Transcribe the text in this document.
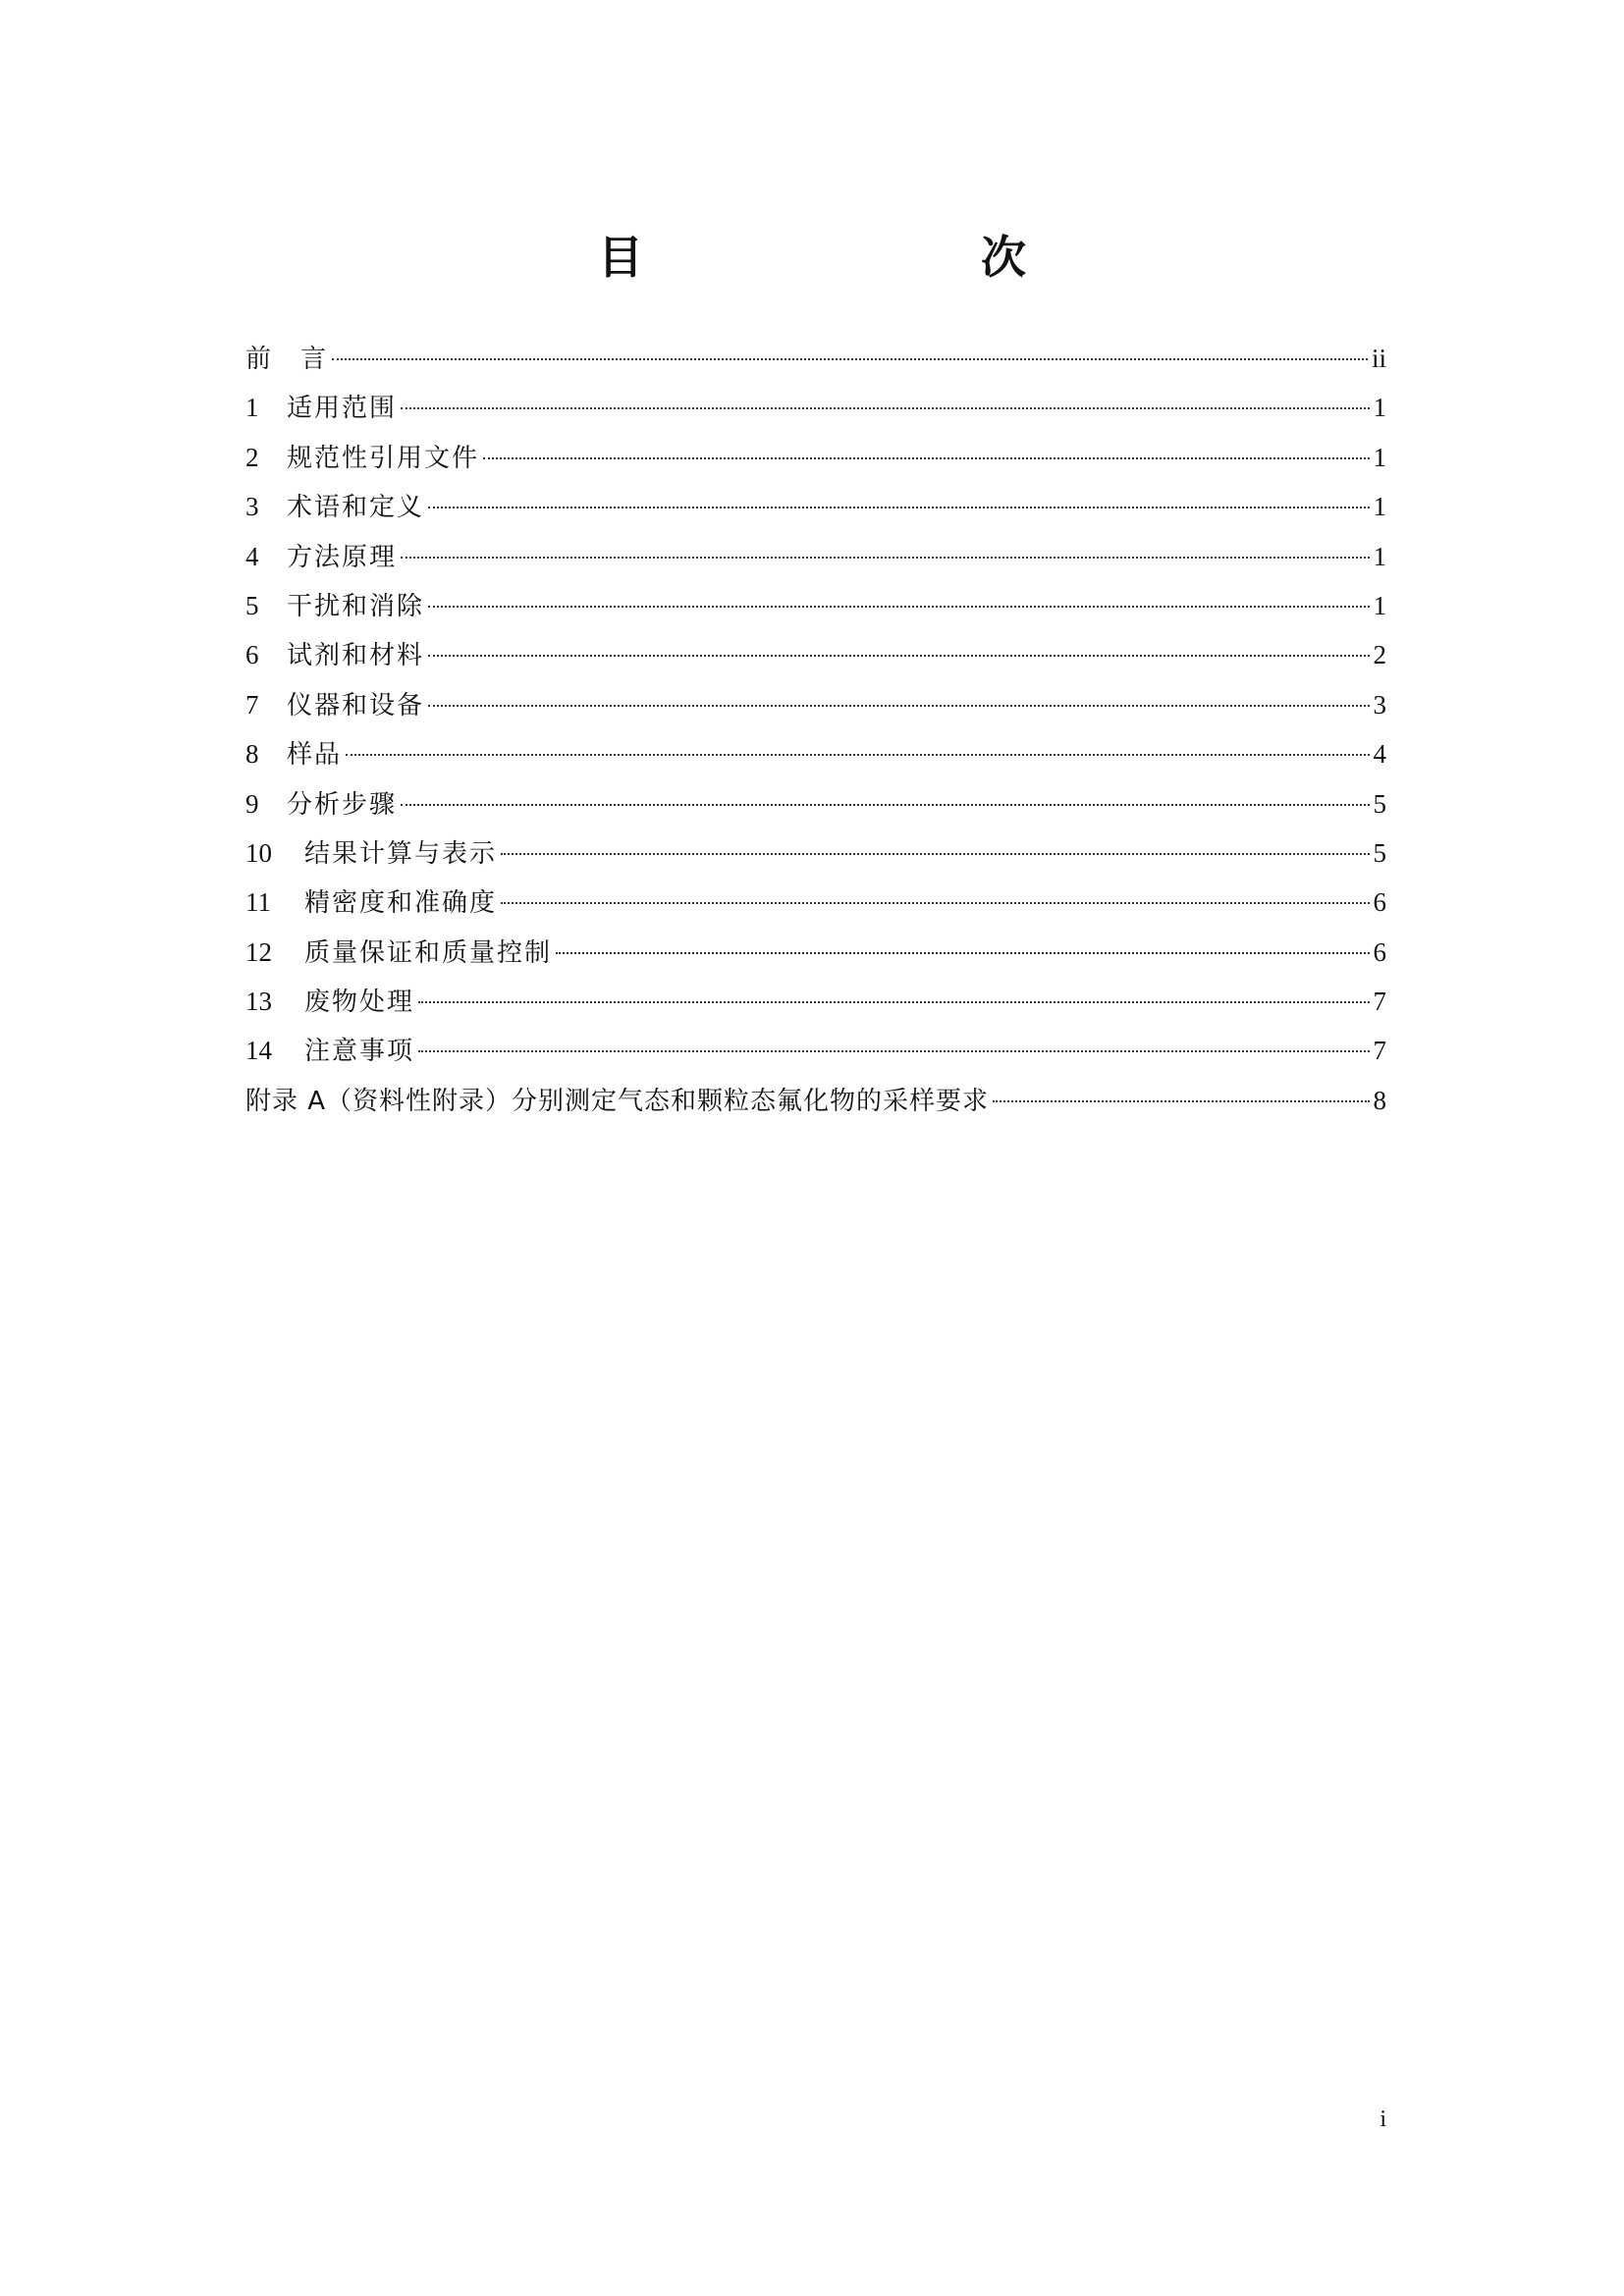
目　　次
前　言	ii
1	适用范围	1
2	规范性引用文件	1
3	术语和定义	1
4	方法原理	1
5	干扰和消除	1
6	试剂和材料	2
7	仪器和设备	3
8	样品	4
9	分析步骤	5
10	结果计算与表示	5
11	精密度和准确度	6
12	质量保证和质量控制	6
13	废物处理	7
14	注意事项	7
附录 A（资料性附录）分别测定气态和颗粒态氟化物的采样要求	8
i
